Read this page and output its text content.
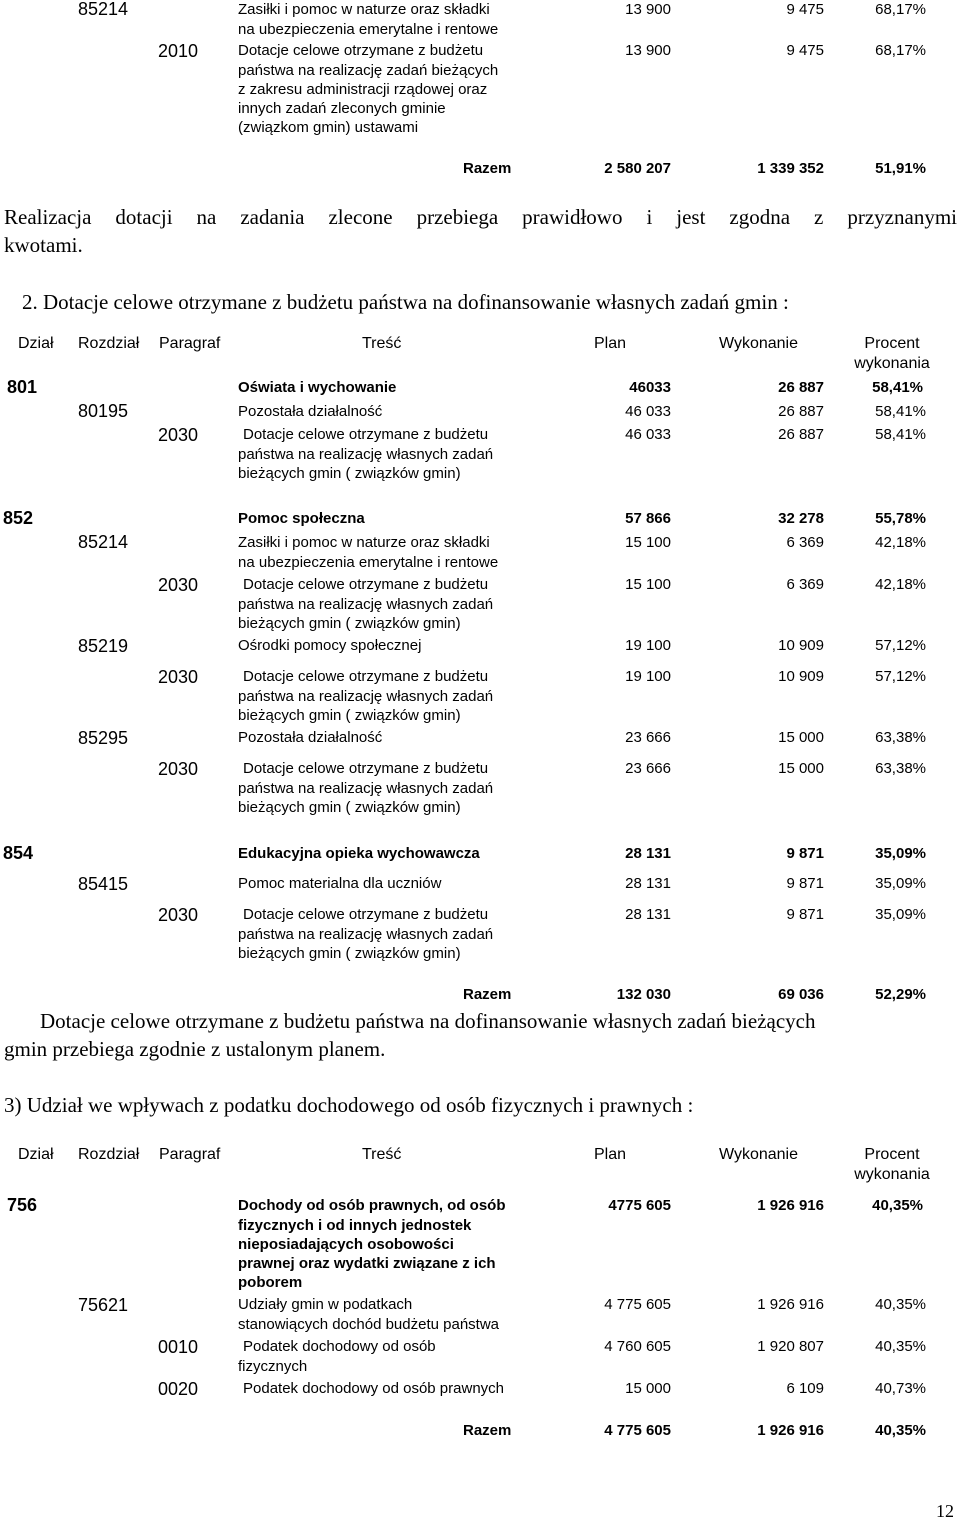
85214	Zasiłki i pomoc w naturze oraz składki
na ubezpieczenia emerytalne i rentowe
13 900	9 475	68,17%
2010	Dotacje celowe otrzymane z budżetu
państwa na realizację zadań bieżących
z zakresu administracji rządowej oraz
innych zadań zleconych gminie
(związkom gmin) ustawami
13 900	9 475	68,17%
Razem	2 580 207	1 339 352	51,91%
Realizacja dotacji na zadania zlecone przebiega prawidłowo i jest zgodna z przyznanymi
kwotami.
2. Dotacje celowe otrzymane z budżetu państwa na dofinansowanie własnych zadań gmin :
Dział Rozdział Paragraf	Treść	Plan	Wykonanie	Procent
wykonania
801	Oświata i wychowanie	46033	26 887	58,41%
80195	Pozostała działalność	46 033	26 887	58,41%
2030	Dotacje celowe otrzymane z budżetu
państwa na realizację własnych zadań
bieżących gmin ( związków gmin)
46 033	26 887	58,41%
852	Pomoc społeczna	57 866	32 278	55,78%
85214	Zasiłki i pomoc w naturze oraz składki
na ubezpieczenia emerytalne i rentowe
15 100	6 369	42,18%
2030	Dotacje celowe otrzymane z budżetu
państwa na realizację własnych zadań
bieżących gmin ( związków gmin)
15 100	6 369	42,18%
85219	Ośrodki pomocy społecznej	19 100	10 909	57,12%
2030	Dotacje celowe otrzymane z budżetu
państwa na realizację własnych zadań
bieżących gmin ( związków gmin)
19 100	10 909	57,12%
85295	Pozostała działalność	23 666	15 000	63,38%
2030	Dotacje celowe otrzymane z budżetu
państwa na realizację własnych zadań
bieżących gmin ( związków gmin)
23 666	15 000	63,38%
854	Edukacyjna opieka wychowawcza	28 131	9 871	35,09%
85415	Pomoc materialna dla uczniów	28 131	9 871	35,09%
2030	Dotacje celowe otrzymane z budżetu
państwa na realizację własnych zadań
bieżących gmin ( związków gmin)
28 131	9 871	35,09%
Razem	132 030	69 036	52,29%
Dotacje celowe otrzymane z budżetu państwa na dofinansowanie własnych zadań bieżących
gmin przebiega zgodnie z ustalonym planem.
3) Udział we wpływach z podatku dochodowego od osób fizycznych i prawnych :
Dział Rozdział Paragraf	Treść	Plan	Wykonanie	Procent
wykonania
756	Dochody od osób prawnych, od osób
fizycznych i od innych jednostek
nieposiadających osobowości
prawnej oraz wydatki związane z ich
poborem
4775 605	1 926 916	40,35%
75621	Udziały gmin w podatkach
stanowiących dochód budżetu państwa
4 775 605	1 926 916	40,35%
0010	Podatek dochodowy od osób
fizycznych
4 760 605	1 920 807	40,35%
0020	Podatek dochodowy od osób prawnych	15 000	6 109	40,73%
Razem	4 775 605	1 926 916	40,35%
12
